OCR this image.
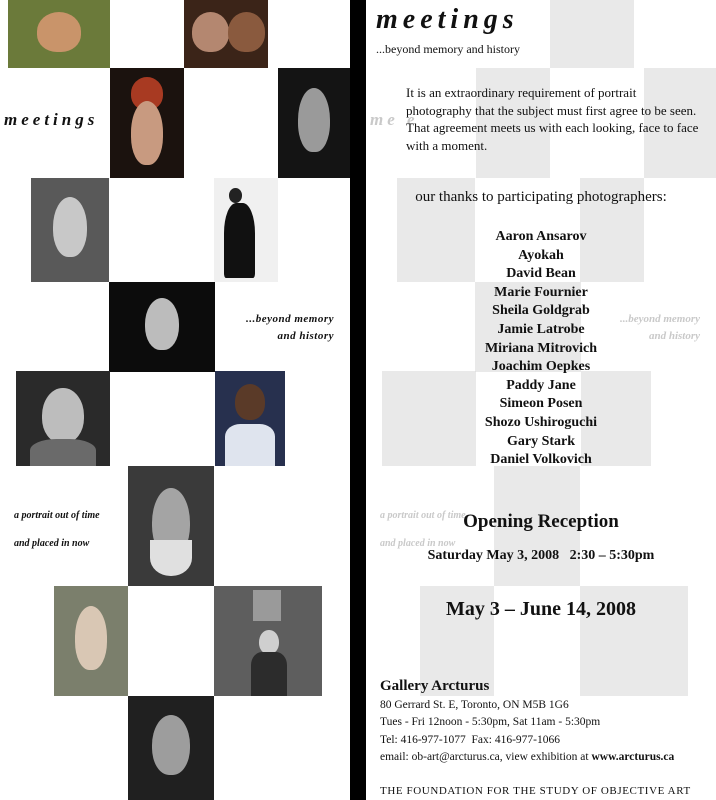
meetings
...beyond memory
and history
a portrait out of time
and placed in now
me e
...beyond memory
and history
a portrait out of time
and placed in now
meetings
...beyond memory and history
It is an extraordinary requirement of portrait photography that the subject must first agree to be seen. That agreement meets us with each looking, face to face with a moment.
our thanks to participating photographers:
Aaron Ansarov
Ayokah
David Bean
Marie Fournier
Sheila Goldgrab
Jamie Latrobe
Miriana Mitrovich
Joachim Oepkes
Paddy Jane
Simeon Posen
Shozo Ushiroguchi
Gary Stark
Daniel Volkovich
Opening Reception
Saturday May 3, 2008   2:30 – 5:30pm
May 3 – June 14, 2008
Gallery Arcturus
80 Gerrard St. E, Toronto, ON M5B 1G6
Tues - Fri 12noon - 5:30pm, Sat 11am - 5:30pm
Tel: 416-977-1077  Fax: 416-977-1066
email: ob-art@arcturus.ca, view exhibition at www.arcturus.ca
THE FOUNDATION FOR THE STUDY OF OBJECTIVE ART
